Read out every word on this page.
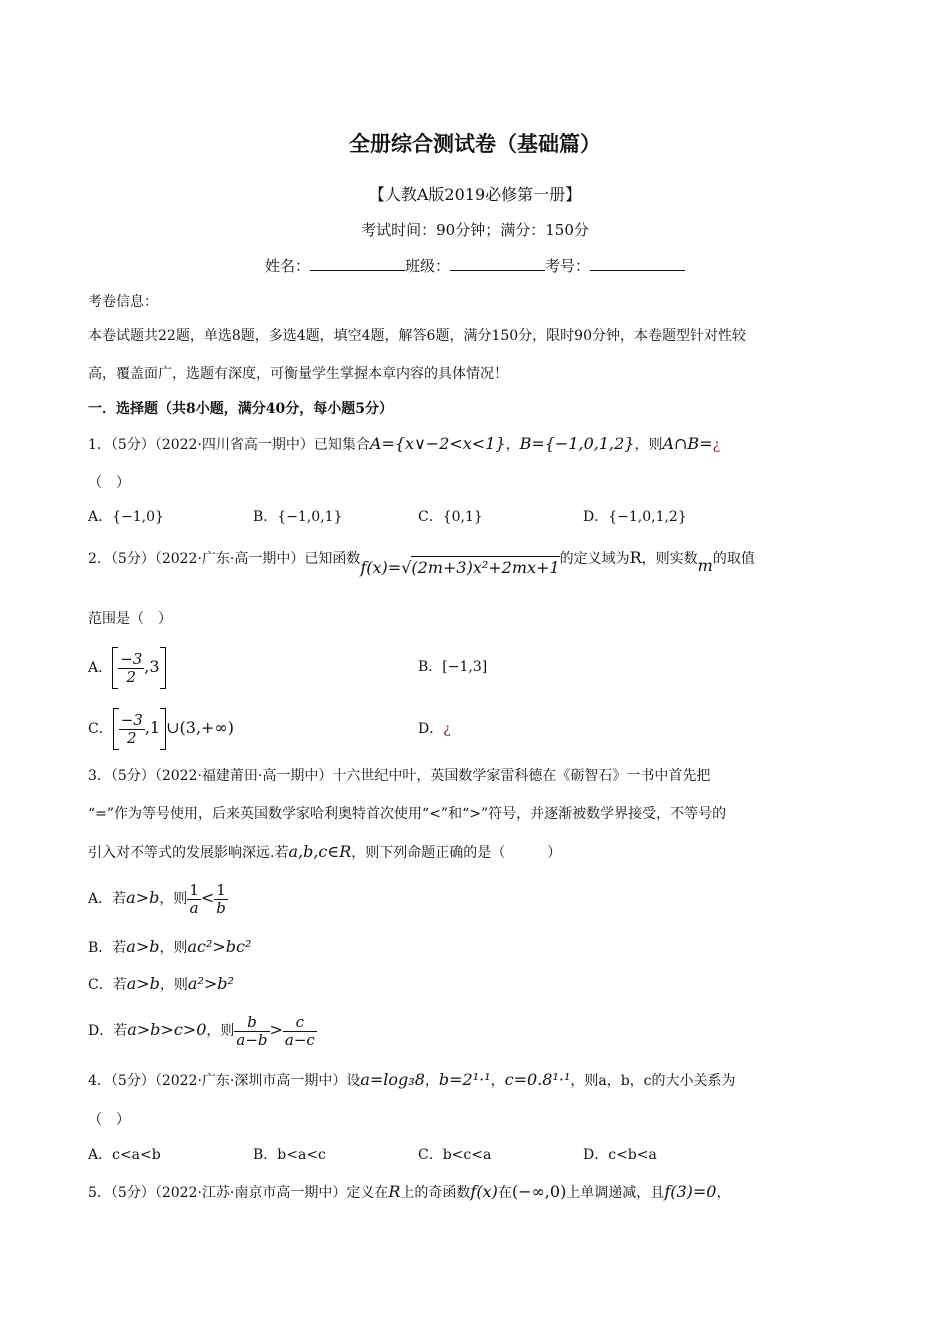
全册综合测试卷（基础篇）
【人教A版2019必修第一册】
考试时间：90分钟；满分：150分
姓名：	班级：	考号：
考卷信息：
本卷试题共22题，单选8题，多选4题，填空4题，解答6题，满分150分，限时90分钟，本卷题型针对性较
高，覆盖面广，选题有深度，可衡量学生掌握本章内容的具体情况！
一．选择题（共8小题，满分40分，每小题5分）
1．（5分）（2022·四川省高一期中）已知集合A={x∨−2<x<1}，B={−1,0,1,2}，则A∩B=¿
（　）
A．{−1,0}	B．{−1,0,1}	C．{0,1}	D．{−1,0,1,2}
2．（5分）（2022·广东·高一期中）已知函数f(x)=√(2m+3)x²+2mx+1的定义域为R，则实数m的取值
范围是（　）
A． $\frac{-3}{2} ,3$	B．[−1,3]
C． $\frac{-3}{2} ,1$ ∪(3,+∞)	D．¿
3．（5分）（2022·福建莆田·高一期中）十六世纪中叶，英国数学家雷科德在《砺智石》一书中首先把
“=”作为等号使用，后来英国数学家哈利奥特首次使用“<”和“>”符号，并逐渐被数学界接受，不等号的
引入对不等式的发展影响深远.若a,b,c∈R，则下列命题正确的是（　　　）
A．若a>b，则 $\frac{1}{a} < \frac{1}{b}$
B．若a>b，则ac²>bc²
C．若a>b，则a²>b²
D．若a>b>c>0，则 $\frac{b}{a-b} > \frac{c}{a-c}$
4．（5分）（2022·广东·深圳市高一期中）设a=log₃8，b=2¹·¹，c=0.8¹·¹，则a，b，c的大小关系为
（　）
A．c<a<b	B．b<a<c	C．b<c<a	D．c<b<a
5．（5分）（2022·江苏·南京市高一期中）定义在R上的奇函数f(x)在(−∞,0)上单调递减，且f(3)=0，
